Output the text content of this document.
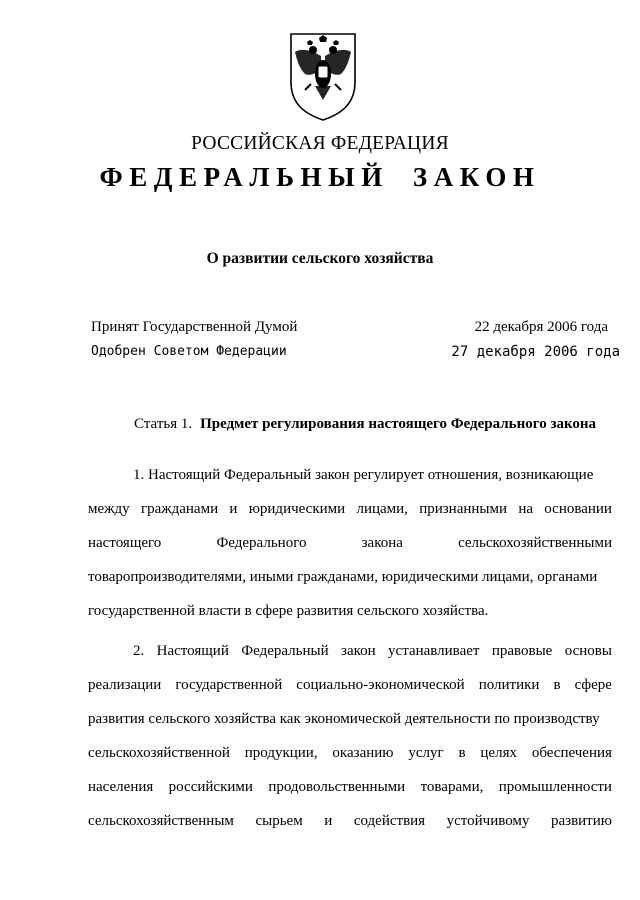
РОССИЙСКАЯ ФЕДЕРАЦИЯ
ФЕДЕРАЛЬНЫЙ ЗАКОН
О развитии сельского хозяйства
Принят Государственной Думой	22 декабря 2006 года
Одобрен Советом Федерации	27 декабря 2006 года
Статья 1. Предмет регулирования настоящего Федерального закона
1. Настоящий Федеральный закон регулирует отношения, возникающие
между гражданами и юридическими лицами, признанными на основании
настоящего	Федерального	закона	сельскохозяйственными
товаропроизводителями, иными гражданами, юридическими лицами, органами
государственной власти в сфере развития сельского хозяйства.
2. Настоящий Федеральный закон устанавливает правовые основы
реализации государственной социально-экономической политики в сфере
развития сельского хозяйства как экономической деятельности по производству
сельскохозяйственной продукции, оказанию услуг в целях обеспечения
населения российскими продовольственными товарами, промышленности
сельскохозяйственным сырьем и содействия устойчивому развитию
